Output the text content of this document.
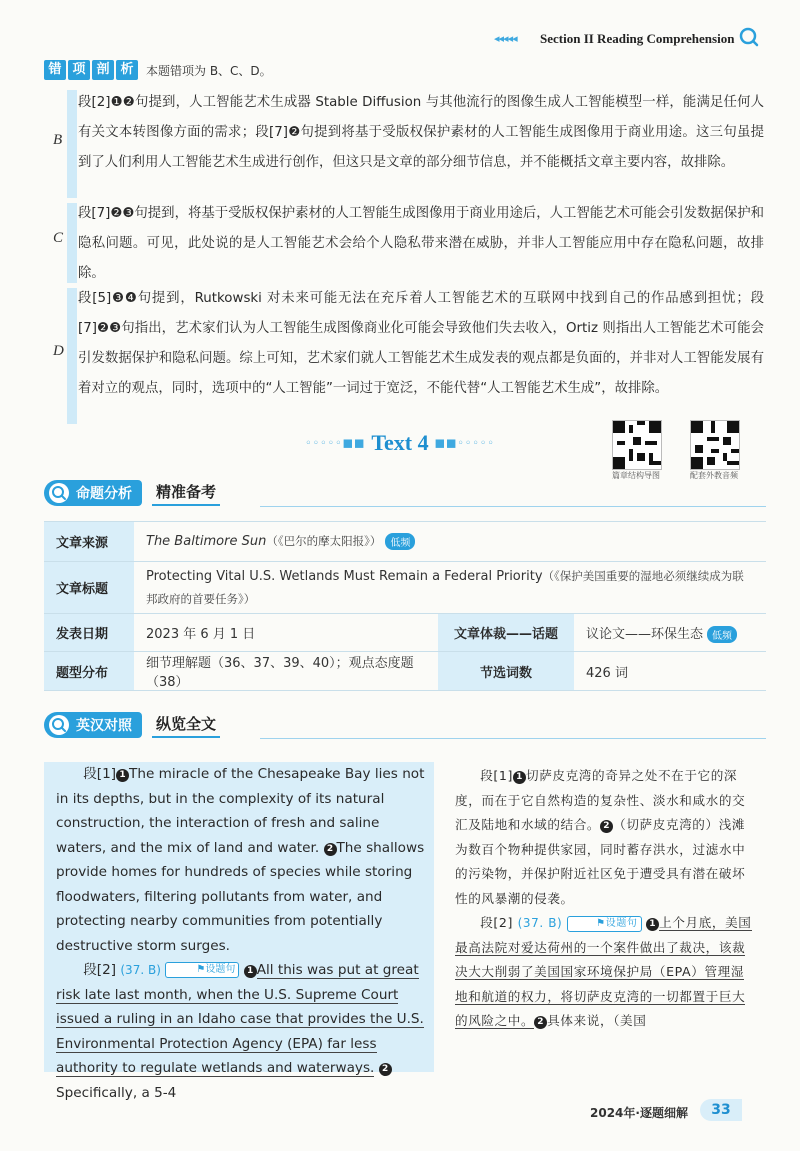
◂◂◂◂◂ Section II Reading Comprehension
错 项 剖 析	本题错项为 B、C、D。
B

段[2]❶❷句提到，人工智能艺术生成器 Stable Diffusion 与其他流行的图像生成人工智能模型一样，能满足任何人有关文本转图像方面的需求；段[7]❷句提到将基于受版权保护素材的人工智能生成图像用于商业用途。这三句虽提到了人们利用人工智能艺术生成进行创作，但这只是文章的部分细节信息，并不能概括文章主要内容，故排除。

C

段[7]❷❸句提到，将基于受版权保护素材的人工智能生成图像用于商业用途后，人工智能艺术可能会引发数据保护和隐私问题。可见，此处说的是人工智能艺术会给个人隐私带来潜在威胁，并非人工智能应用中存在隐私问题，故排除。

D

段[5]❸❹句提到，Rutkowski 对未来可能无法在充斥着人工智能艺术的互联网中找到自己的作品感到担忧；段[7]❷❸句指出，艺术家们认为人工智能生成图像商业化可能会导致他们失去收入，Ortiz 则指出人工智能艺术可能会引发数据保护和隐私问题。综上可知，艺术家们就人工智能艺术生成发表的观点都是负面的，并非对人工智能发展有着对立的观点，同时，选项中的“人工智能”一词过于宽泛，不能代替“人工智能艺术生成”，故排除。

◦◦◦◦◦■■ Text 4 ■■◦◦◦◦◦
篇章结构导图	配套外教音频
命题分析 精准备考
文章来源	The Baltimore Sun（《巴尔的摩太阳报》） 低频		
文章标题	Protecting Vital U.S. Wetlands Must Remain a Federal Priority（《保护美国重要的湿地必须继续成为联邦政府的首要任务》）		
发表日期	2023 年 6 月 1 日	文章体裁——话题	议论文——环保生态 低频
题型分布	细节理解题（36、37、39、40）；观点态度题（38）	节选词数	426 词
英汉对照 纵览全文

段[1] 1 The miracle of the Chesapeake Bay lies not in its depths, but in the complexity of its natural construction, the interaction of fresh and saline waters, and the mix of land and water. 2 The shallows provide homes for hundreds of species while storing floodwaters, filtering pollutants from water, and protecting nearby communities from potentially destructive storm surges.

段[2] (37. B)	⚑设题句 1 All this was put at great risk late last month, when the U.S. Supreme Court issued a ruling in an Idaho case that provides the U.S. Environmental Protection Agency (EPA) far less authority to regulate wetlands and waterways. 2Specifically, a 5-4

段[1] 1 切萨皮克湾的奇异之处不在于它的深度，而在于它自然构造的复杂性、淡水和咸水的交汇及陆地和水域的结合。 2 （切萨皮克湾的）浅滩为数百个物种提供家园，同时蓄存洪水，过滤水中的污染物，并保护附近社区免于遭受具有潜在破坏性的风暴潮的侵袭。

段[2] (37. B)	⚑设题句 1 上个月底，美国最高法院对爱达荷州的一个案件做出了裁决，该裁决大大削弱了美国国家环境保护局（EPA）管理湿地和航道的权力，将切萨皮克湾的一切都置于巨大的风险之中。 2 具体来说，（美国

2024年·逐题细解	33
